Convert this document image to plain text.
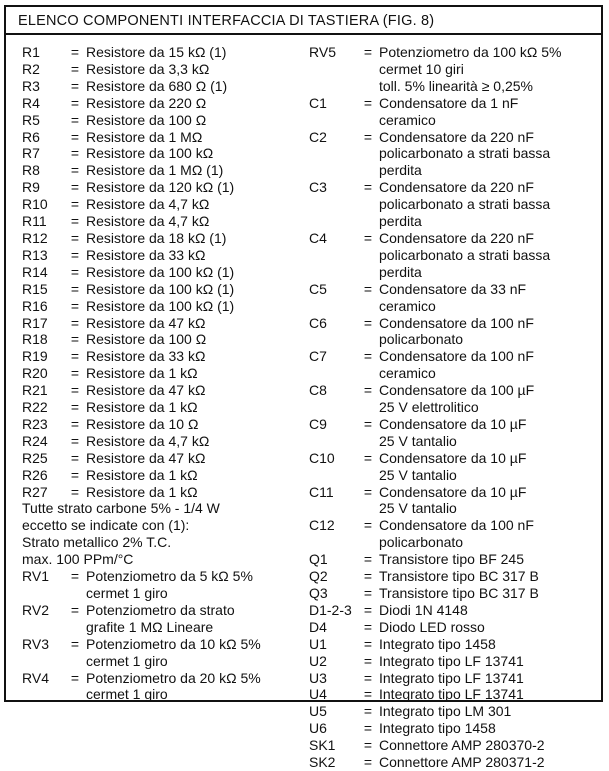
ELENCO COMPONENTI INTERFACCIA DI TASTIERA (FIG. 8)
R1	= Resistore da 15 kΩ (1)
R2	= Resistore da 3,3 kΩ
R3	= Resistore da 680 Ω (1)
R4	= Resistore da 220 Ω
R5	= Resistore da 100 Ω
R6	= Resistore da 1 MΩ
R7	= Resistore da 100 kΩ
R8	= Resistore da 1 MΩ (1)
R9	= Resistore da 120 kΩ (1)
R10	= Resistore da 4,7 kΩ
R11	= Resistore da 4,7 kΩ
R12	= Resistore da 18 kΩ (1)
R13	= Resistore da 33 kΩ
R14	= Resistore da 100 kΩ (1)
R15	= Resistore da 100 kΩ (1)
R16	= Resistore da 100 kΩ (1)
R17	= Resistore da 47 kΩ
R18	= Resistore da 100 Ω
R19	= Resistore da 33 kΩ
R20	= Resistore da 1 kΩ
R21	= Resistore da 47 kΩ
R22	= Resistore da 1 kΩ
R23	= Resistore da 10 Ω
R24	= Resistore da 4,7 kΩ
R25	= Resistore da 47 kΩ
R26	= Resistore da 1 kΩ
R27	= Resistore da 1 kΩ
Tutte strato carbone 5% - 1/4 W
eccetto se indicate con (1):
Strato metallico 2% T.C.
max. 100 PPm/°C
RV1	= Potenziometro da 5 kΩ 5%
cermet 1 giro
RV2	= Potenziometro da strato
grafite 1 MΩ Lineare
RV3	= Potenziometro da 10 kΩ 5%
cermet 1 giro
RV4	= Potenziometro da 20 kΩ 5%
cermet 1 giro
RV5	= Potenziometro da 100 kΩ 5%
cermet 10 giri
toll. 5% linearità ≥ 0,25%
C1	= Condensatore da 1 nF
ceramico
C2	= Condensatore da 220 nF
policarbonato a strati bassa
perdita
C3	= Condensatore da 220 nF
policarbonato a strati bassa
perdita
C4	= Condensatore da 220 nF
policarbonato a strati bassa
perdita
C5	= Condensatore da 33 nF
ceramico
C6	= Condensatore da 100 nF
policarbonato
C7	= Condensatore da 100 nF
ceramico
C8	= Condensatore da 100 µF
25 V elettrolitico
C9	= Condensatore da 10 µF
25 V tantalio
C10	= Condensatore da 10 µF
25 V tantalio
C11	= Condensatore da 10 µF
25 V tantalio
C12	= Condensatore da 100 nF
policarbonato
Q1	= Transistore tipo BF 245
Q2	= Transistore tipo BC 317 B
Q3	= Transistore tipo BC 317 B
D1-2-3 = Diodi 1N 4148
D4	= Diodo LED rosso
U1	= Integrato tipo 1458
U2	= Integrato tipo LF 13741
U3	= Integrato tipo LF 13741
U4	= Integrato tipo LF 13741
U5	= Integrato tipo LM 301
U6	= Integrato tipo 1458
SK1	= Connettore AMP 280370-2
SK2	= Connettore AMP 280371-2
